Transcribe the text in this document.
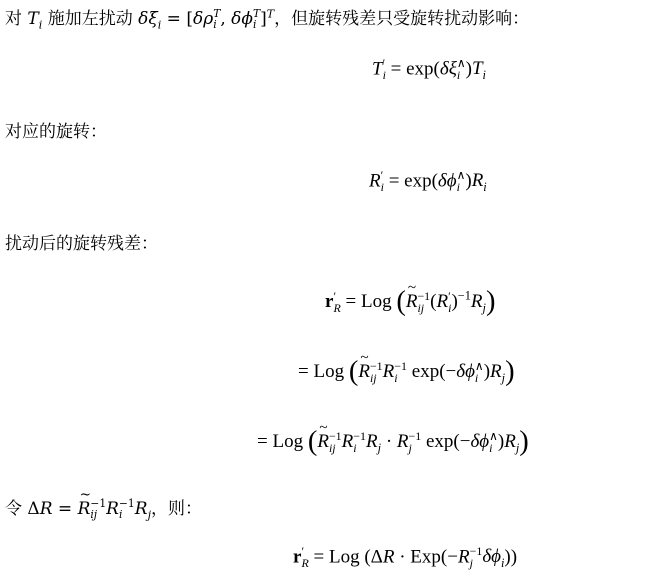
对 $T_i$ 施加左扰动 $\delta\xi_i = [\delta\rho$ T
i , δϕ T
i ]$^T$，但旋转残差只受旋转扰动影响：
T ′
i = exp(δξ ∧
i )$T_i$
对应的旋转：
R ′
i = exp(δϕ ∧
i )$R_i$
扰动后的旋转残差：
r ′
R = Log (~ R −1
ij (R ′
i )$^{-1}R_j$)
= Log (~ R −1
ij R −1
i exp(−δϕ ∧
i )$R_j$)
= Log (~ R −1
ij R −1
i $R_j \cdot R -1$
j exp(−δϕ ∧
i )$R_j$)
令 ΔR = ~ R −1
ij R −1
i $R_j$，则：
r ′
R = Log (ΔR · Exp(−R −1
j $\delta\phi_i$))
